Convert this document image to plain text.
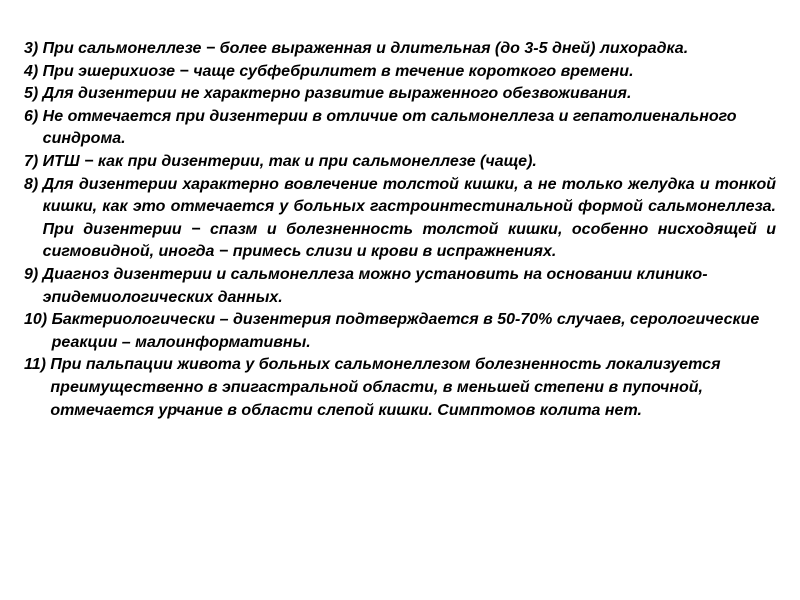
3) При сальмонеллезе − более выраженная и длительная (до 3-5 дней) лихорадка.

4) При эшерихиозе − чаще субфебрилитет в течение короткого времени.

5) Для дизентерии не характерно развитие выраженного обезвоживания.

6) Не отмечается при дизентерии в отличие от сальмонеллеза и гепатолиенального синдрома.

7) ИТШ − как при дизентерии, так и при сальмонеллезе (чаще).

8) Для дизентерии характерно вовлечение толстой кишки, а не только желудка и тонкой кишки, как это отмечается у больных гастроинтестинальной формой сальмонеллеза. При дизентерии − спазм и болезненность толстой кишки, особенно нисходящей и сигмовидной, иногда − примесь слизи и крови в испражнениях.

9) Диагноз дизентерии и сальмонеллеза можно установить на основании клинико-эпидемиологических данных.

10) Бактериологически – дизентерия подтверждается в 50-70% случаев, серологические реакции – малоинформативны.

11) При пальпации живота у больных сальмонеллезом болезненность локализуется преимущественно в эпигастральной области, в меньшей степени в пупочной, отмечается урчание в области слепой кишки. Симптомов колита нет.
